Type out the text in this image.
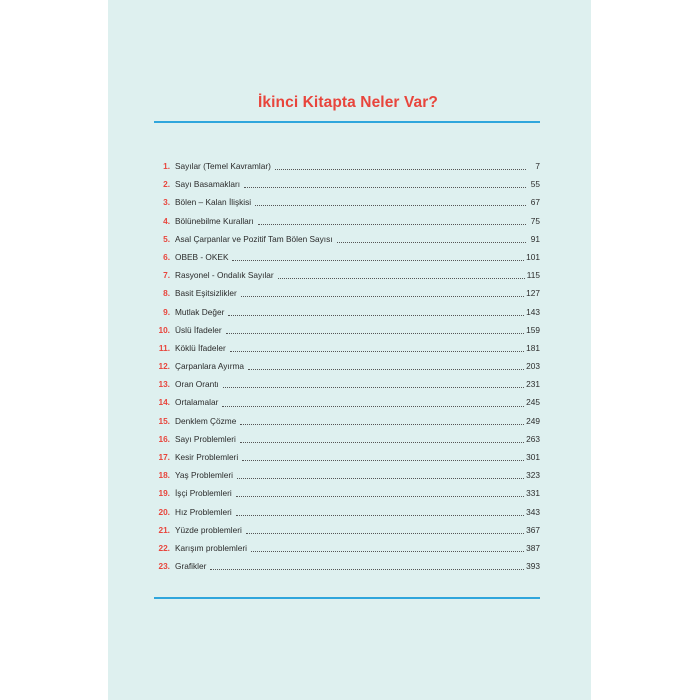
İkinci Kitapta Neler Var?
1. Sayılar (Temel Kavramlar)	7
2. Sayı Basamakları	55
3. Bölen – Kalan İlişkisi	67
4. Bölünebilme Kuralları	75
5. Asal Çarpanlar ve Pozitif Tam Bölen Sayısı	91
6. OBEB - OKEK	101
7. Rasyonel - Ondalık Sayılar	115
8. Basit Eşitsizlikler	127
9. Mutlak Değer	143
10. Üslü İfadeler	159
11. Köklü İfadeler	181
12. Çarpanlara Ayırma	203
13. Oran Orantı	231
14. Ortalamalar	245
15. Denklem Çözme	249
16. Sayı Problemleri	263
17. Kesir Problemleri	301
18. Yaş Problemleri	323
19. İşçi Problemleri	331
20. Hız Problemleri	343
21. Yüzde problemleri	367
22. Karışım problemleri	387
23. Grafikler	393
